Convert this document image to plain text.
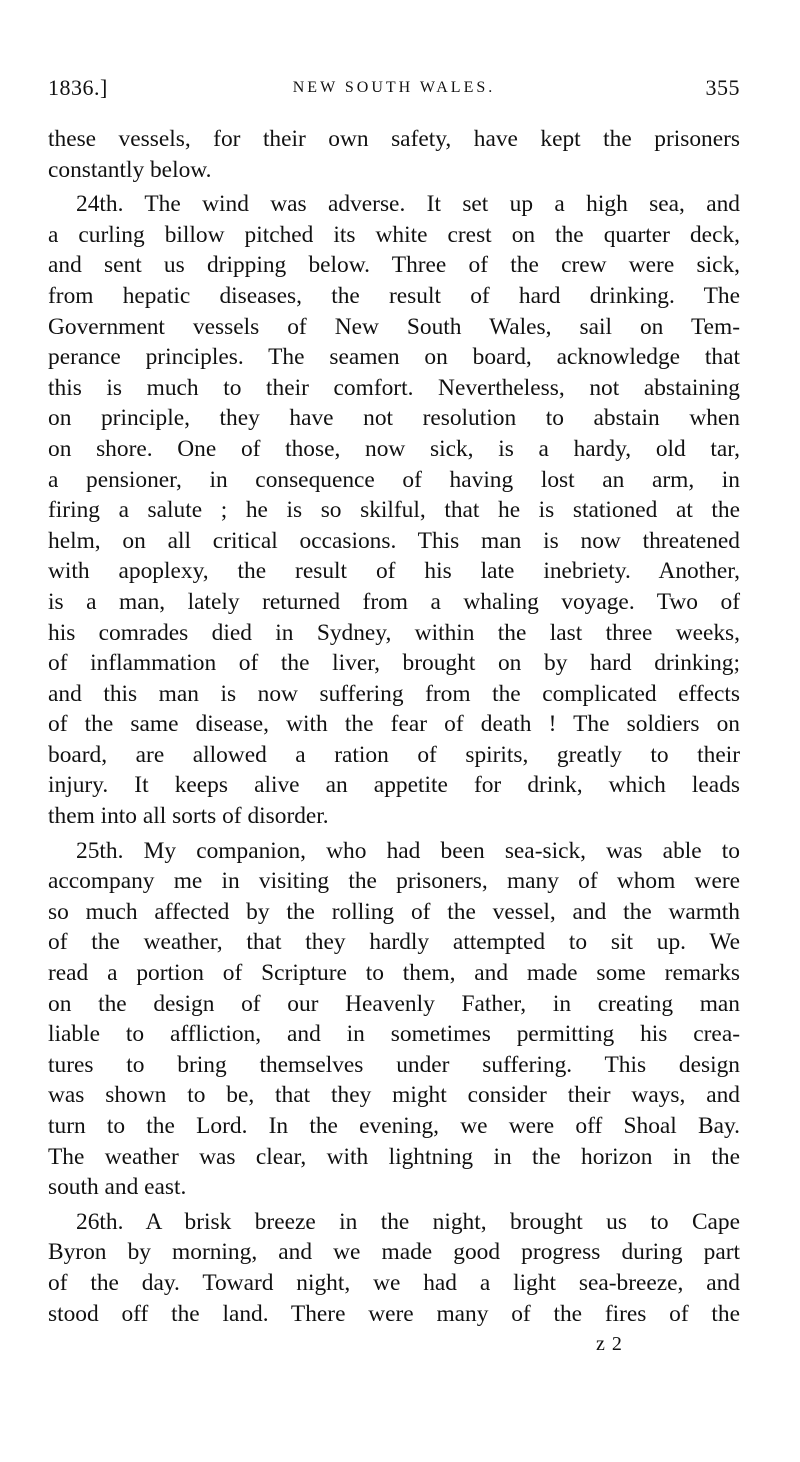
1836.]	NEW SOUTH WALES.	355
these vessels, for their own safety, have kept the prisoners
constantly below.
24th. The wind was adverse. It set up a high sea, and
a curling billow pitched its white crest on the quarter deck,
and sent us dripping below. Three of the crew were sick,
from hepatic diseases, the result of hard drinking. The
Government vessels of New South Wales, sail on Tem-
perance principles. The seamen on board, acknowledge that
this is much to their comfort. Nevertheless, not abstaining
on principle, they have not resolution to abstain when
on shore. One of those, now sick, is a hardy, old tar,
a pensioner, in consequence of having lost an arm, in
firing a salute ; he is so skilful, that he is stationed at the
helm, on all critical occasions. This man is now threatened
with apoplexy, the result of his late inebriety. Another,
is a man, lately returned from a whaling voyage. Two of
his comrades died in Sydney, within the last three weeks,
of inflammation of the liver, brought on by hard drinking;
and this man is now suffering from the complicated effects
of the same disease, with the fear of death ! The soldiers on
board, are allowed a ration of spirits, greatly to their
injury. It keeps alive an appetite for drink, which leads
them into all sorts of disorder.
25th. My companion, who had been sea-sick, was able to
accompany me in visiting the prisoners, many of whom were
so much affected by the rolling of the vessel, and the warmth
of the weather, that they hardly attempted to sit up. We
read a portion of Scripture to them, and made some remarks
on the design of our Heavenly Father, in creating man
liable to affliction, and in sometimes permitting his crea-
tures to bring themselves under suffering. This design
was shown to be, that they might consider their ways, and
turn to the Lord. In the evening, we were off Shoal Bay.
The weather was clear, with lightning in the horizon in the
south and east.
26th. A brisk breeze in the night, brought us to Cape
Byron by morning, and we made good progress during part
of the day. Toward night, we had a light sea-breeze, and
stood off the land. There were many of the fires of the
z 2
